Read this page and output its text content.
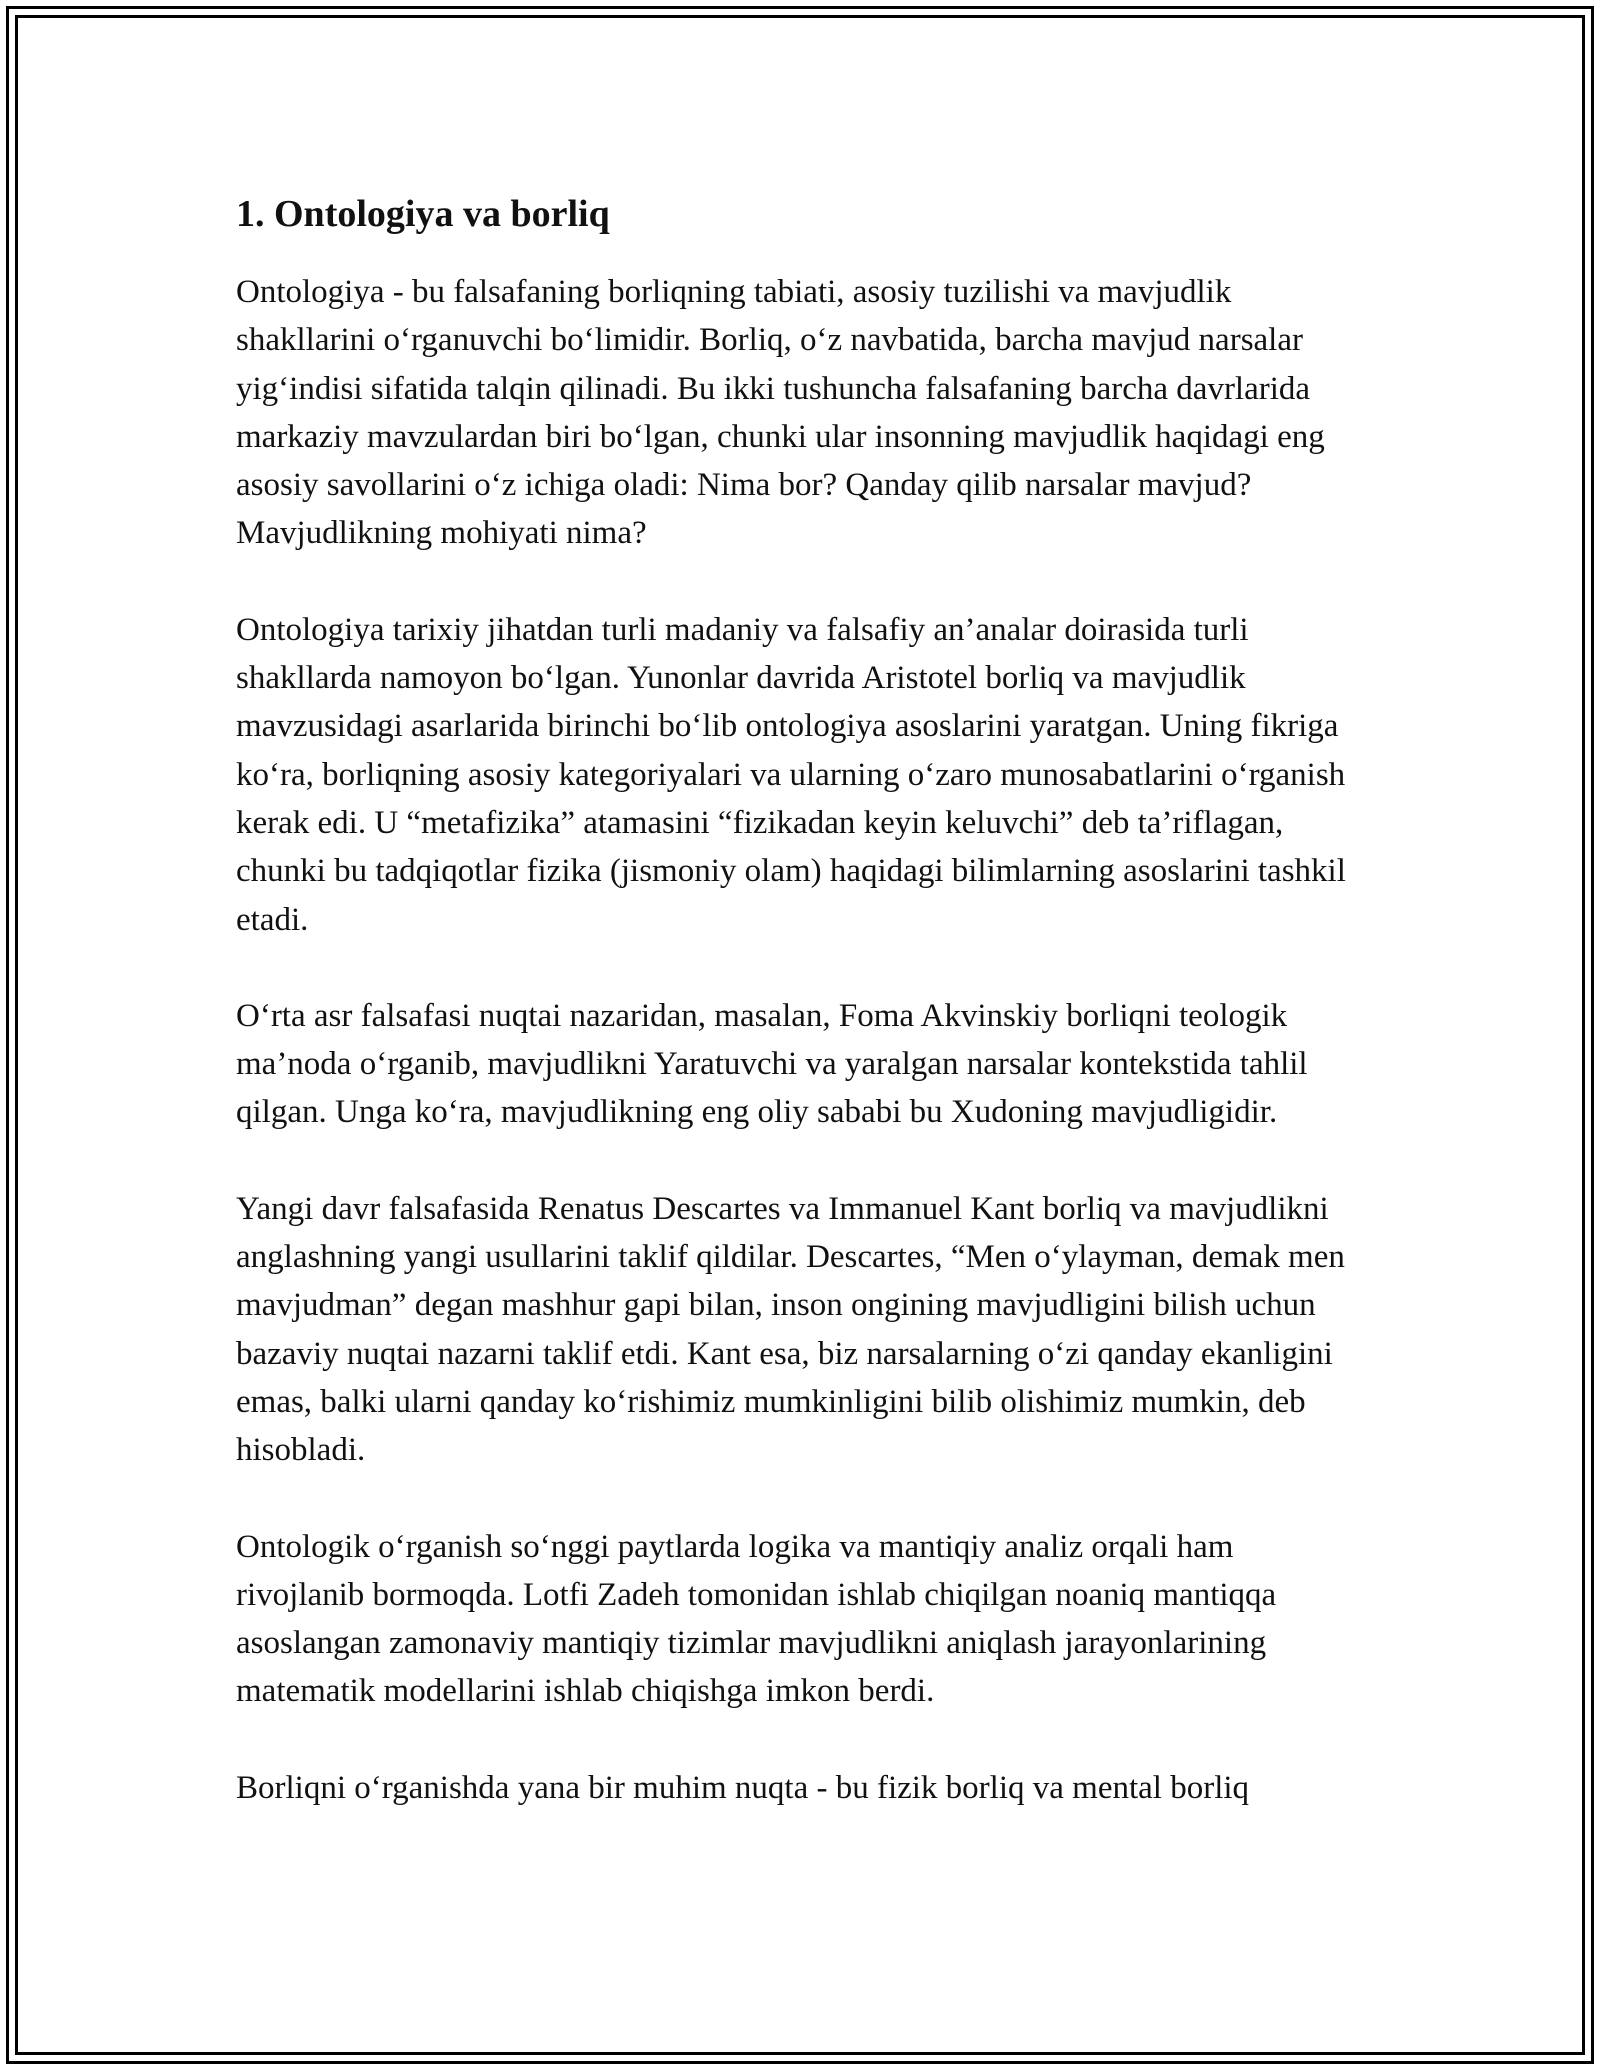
1. Ontologiya va borliq

Ontologiya - bu falsafaning borliqning tabiati, asosiy tuzilishi va mavjudlik shakllarini o‘rganuvchi bo‘limidir. Borliq, o‘z navbatida, barcha mavjud narsalar yig‘indisi sifatida talqin qilinadi. Bu ikki tushuncha falsafaning barcha davrlarida markaziy mavzulardan biri bo‘lgan, chunki ular insonning mavjudlik haqidagi eng asosiy savollarini o‘z ichiga oladi: Nima bor? Qanday qilib narsalar mavjud? Mavjudlikning mohiyati nima?

Ontologiya tarixiy jihatdan turli madaniy va falsafiy an’analar doirasida turli shakllarda namoyon bo‘lgan. Yunonlar davrida Aristotel borliq va mavjudlik mavzusidagi asarlarida birinchi bo‘lib ontologiya asoslarini yaratgan. Uning fikriga ko‘ra, borliqning asosiy kategoriyalari va ularning o‘zaro munosabatlarini o‘rganish kerak edi. U “metafizika” atamasini “fizikadan keyin keluvchi” deb ta’riflagan, chunki bu tadqiqotlar fizika (jismoniy olam) haqidagi bilimlarning asoslarini tashkil etadi.

O‘rta asr falsafasi nuqtai nazaridan, masalan, Foma Akvinskiy borliqni teologik ma’noda o‘rganib, mavjudlikni Yaratuvchi va yaralgan narsalar kontekstida tahlil qilgan. Unga ko‘ra, mavjudlikning eng oliy sababi bu Xudoning mavjudligidir.

Yangi davr falsafasida Renatus Descartes va Immanuel Kant borliq va mavjudlikni anglashning yangi usullarini taklif qildilar. Descartes, “Men o‘ylayman, demak men mavjudman” degan mashhur gapi bilan, inson ongining mavjudligini bilish uchun bazaviy nuqtai nazarni taklif etdi. Kant esa, biz narsalarning o‘zi qanday ekanligini emas, balki ularni qanday ko‘rishimiz mumkinligini bilib olishimiz mumkin, deb hisobladi.

Ontologik o‘rganish so‘nggi paytlarda logika va mantiqiy analiz orqali ham rivojlanib bormoqda. Lotfi Zadeh tomonidan ishlab chiqilgan noaniq mantiqqa asoslangan zamonaviy mantiqiy tizimlar mavjudlikni aniqlash jarayonlarining matematik modellarini ishlab chiqishga imkon berdi.

Borliqni o‘rganishda yana bir muhim nuqta - bu fizik borliq va mental borliq
